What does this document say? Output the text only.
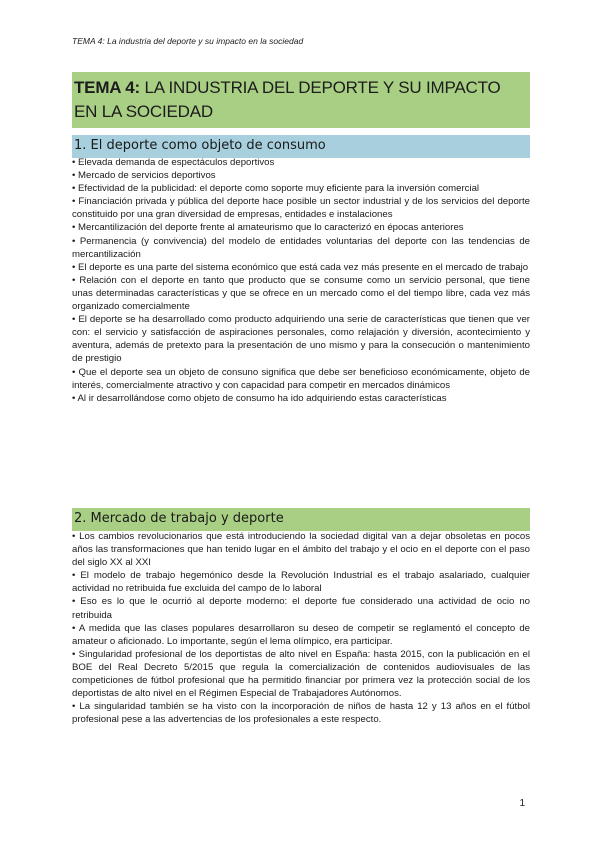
TEMA 4: La industria del deporte y su impacto en la sociedad
TEMA 4: LA INDUSTRIA DEL DEPORTE Y SU IMPACTO EN LA SOCIEDAD
1. El deporte como objeto de consumo
• Elevada demanda de espectáculos deportivos
• Mercado de servicios deportivos
• Efectividad de la publicidad: el deporte como soporte muy eficiente para la inversión comercial
• Financiación privada y pública del deporte hace posible un sector industrial y de los servicios del deporte constituido por una gran diversidad de empresas, entidades e instalaciones
• Mercantilización del deporte frente al amateurismo que lo caracterizó en épocas anteriores
• Permanencia (y convivencia) del modelo de entidades voluntarias del deporte con las tendencias de mercantilización
• El deporte es una parte del sistema económico que está cada vez más presente en el mercado de trabajo
• Relación con el deporte en tanto que producto que se consume como un servicio personal, que tiene unas determinadas características y que se ofrece en un mercado como el del tiempo libre, cada vez más organizado comercialmente
• El deporte se ha desarrollado como producto adquiriendo una serie de características que tienen que ver con: el servicio y satisfacción de aspiraciones personales, como relajación y diversión, acontecimiento y aventura, además de pretexto para la presentación de uno mismo y para la consecución o mantenimiento de prestigio
• Que el deporte sea un objeto de consuno significa que debe ser beneficioso económicamente, objeto de interés, comercialmente atractivo y con capacidad para competir en mercados dinámicos
• Al ir desarrollándose como objeto de consumo ha ido adquiriendo estas características
2. Mercado de trabajo y deporte
• Los cambios revolucionarios que está introduciendo la sociedad digital van a dejar obsoletas en pocos años las transformaciones que han tenido lugar en el ámbito del trabajo y el ocio en el deporte con el paso del siglo XX al XXI
• El modelo de trabajo hegemónico desde la Revolución Industrial es el trabajo asalariado, cualquier actividad no retribuida fue excluida del campo de lo laboral
• Eso es lo que le ocurrió al deporte moderno: el deporte fue considerado una actividad de ocio no retribuida
• A medida que las clases populares desarrollaron su deseo de competir se reglamentó el concepto de amateur o aficionado. Lo importante, según el lema olímpico, era participar.
• Singularidad profesional de los deportistas de alto nivel en España: hasta 2015, con la publicación en el BOE del Real Decreto 5/2015 que regula la comercialización de contenidos audiovisuales de las competiciones de fútbol profesional que ha permitido financiar por primera vez la protección social de los deportistas de alto nivel en el Régimen Especial de Trabajadores Autónomos.
• La singularidad también se ha visto con la incorporación de niños de hasta 12 y 13 años en el fútbol profesional pese a las advertencias de los profesionales a este respecto.
1
